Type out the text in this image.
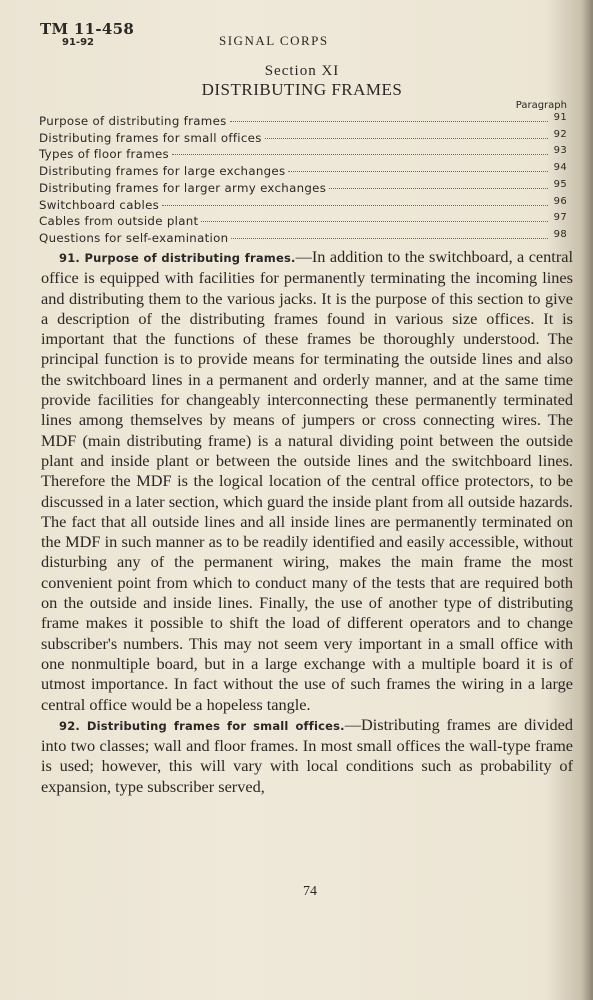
TM 11-458
91-92	SIGNAL CORPS
Section XI
DISTRIBUTING FRAMES
Paragraph
Purpose of distributing frames	91
Distributing frames for small offices	92
Types of floor frames	93
Distributing frames for large exchanges	94
Distributing frames for larger army exchanges	95
Switchboard cables	96
Cables from outside plant	97
Questions for self-examination	98

91. Purpose of distributing frames.—In addition to the switchboard, a central office is equipped with facilities for permanently terminating the incoming lines and distributing them to the various jacks. It is the purpose of this section to give a description of the distributing frames found in various size offices. It is important that the functions of these frames be thoroughly understood. The principal function is to provide means for terminating the outside lines and also the switchboard lines in a permanent and orderly manner, and at the same time provide facilities for changeably interconnecting these permanently terminated lines among themselves by means of jumpers or cross connecting wires. The MDF (main distributing frame) is a natural dividing point between the outside plant and inside plant or between the outside lines and the switchboard lines. Therefore the MDF is the logical location of the central office protectors, to be discussed in a later section, which guard the inside plant from all outside hazards. The fact that all outside lines and all inside lines are permanently terminated on the MDF in such manner as to be readily identified and easily accessible, without disturbing any of the permanent wiring, makes the main frame the most convenient point from which to conduct many of the tests that are required both on the outside and inside lines. Finally, the use of another type of distributing frame makes it possible to shift the load of different operators and to change subscriber's numbers. This may not seem very important in a small office with one nonmultiple board, but in a large exchange with a multiple board it is of utmost importance. In fact without the use of such frames the wiring in a large central office would be a hopeless tangle.

92. Distributing frames for small offices.—Distributing frames are divided into two classes; wall and floor frames. In most small offices the wall-type frame is used; however, this will vary with local conditions such as probability of expansion, type subscriber served,

74
